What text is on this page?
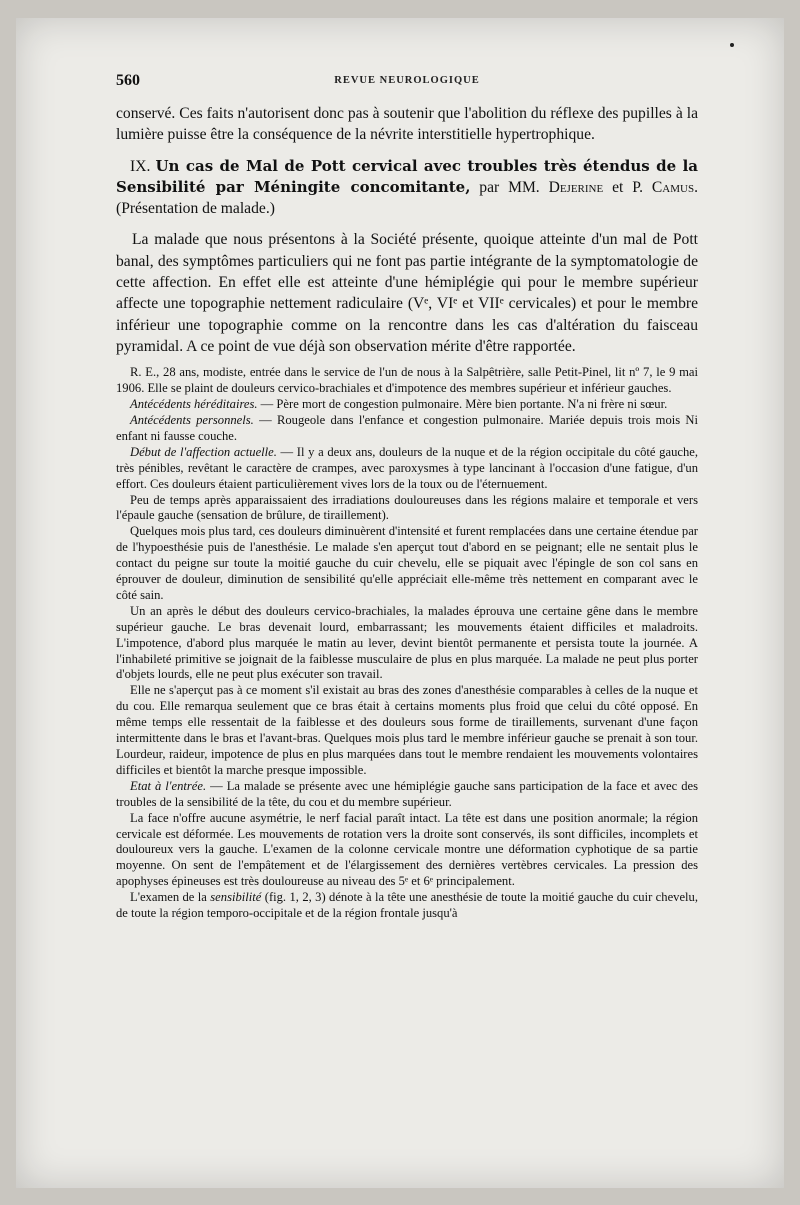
560	REVUE NEUROLOGIQUE

conservé. Ces faits n'autorisent donc pas à soutenir que l'abolition du réflexe des pupilles à la lumière puisse être la conséquence de la névrite interstitielle hypertrophique.

IX. Un cas de Mal de Pott cervical avec troubles très étendus de la Sensibilité par Méningite concomitante, par MM. Dejerine et P. Camus. (Présentation de malade.)

La malade que nous présentons à la Société présente, quoique atteinte d'un mal de Pott banal, des symptômes particuliers qui ne font pas partie intégrante de la symptomatologie de cette affection. En effet elle est atteinte d'une hémiplégie qui pour le membre supérieur affecte une topographie nettement radiculaire (Vᵉ, VIᵉ et VIIᵉ cervicales) et pour le membre inférieur une topographie comme on la rencontre dans les cas d'altération du faisceau pyramidal. A ce point de vue déjà son observation mérite d'être rapportée.

R. E., 28 ans, modiste, entrée dans le service de l'un de nous à la Salpêtrière, salle Petit-Pinel, lit nº 7, le 9 mai 1906. Elle se plaint de douleurs cervico-brachiales et d'impotence des membres supérieur et inférieur gauches.

Antécédents héréditaires. — Père mort de congestion pulmonaire. Mère bien portante. N'a ni frère ni sœur.

Antécédents personnels. — Rougeole dans l'enfance et congestion pulmonaire. Mariée depuis trois mois Ni enfant ni fausse couche.

Début de l'affection actuelle. — Il y a deux ans, douleurs de la nuque et de la région occipitale du côté gauche, très pénibles, revêtant le caractère de crampes, avec paroxysmes à type lancinant à l'occasion d'une fatigue, d'un effort. Ces douleurs étaient particulièrement vives lors de la toux ou de l'éternuement.

Peu de temps après apparaissaient des irradiations douloureuses dans les régions malaire et temporale et vers l'épaule gauche (sensation de brûlure, de tiraillement).

Quelques mois plus tard, ces douleurs diminuèrent d'intensité et furent remplacées dans une certaine étendue par de l'hypoesthésie puis de l'anesthésie. Le malade s'en aperçut tout d'abord en se peignant; elle ne sentait plus le contact du peigne sur toute la moitié gauche du cuir chevelu, elle se piquait avec l'épingle de son col sans en éprouver de douleur, diminution de sensibilité qu'elle appréciait elle-même très nettement en comparant avec le côté sain.

Un an après le début des douleurs cervico-brachiales, la malades éprouva une certaine gêne dans le membre supérieur gauche. Le bras devenait lourd, embarrassant; les mouvements étaient difficiles et maladroits. L'impotence, d'abord plus marquée le matin au lever, devint bientôt permanente et persista toute la journée. A l'inhabileté primitive se joignait de la faiblesse musculaire de plus en plus marquée. La malade ne peut plus porter d'objets lourds, elle ne peut plus exécuter son travail.

Elle ne s'aperçut pas à ce moment s'il existait au bras des zones d'anesthésie comparables à celles de la nuque et du cou. Elle remarqua seulement que ce bras était à certains moments plus froid que celui du côté opposé. En même temps elle ressentait de la faiblesse et des douleurs sous forme de tiraillements, survenant d'une façon intermittente dans le bras et l'avant-bras. Quelques mois plus tard le membre inférieur gauche se prenait à son tour. Lourdeur, raideur, impotence de plus en plus marquées dans tout le membre rendaient les mouvements volontaires difficiles et bientôt la marche presque impossible.

Etat à l'entrée. — La malade se présente avec une hémiplégie gauche sans participation de la face et avec des troubles de la sensibilité de la tête, du cou et du membre supérieur.

La face n'offre aucune asymétrie, le nerf facial paraît intact. La tête est dans une position anormale; la région cervicale est déformée. Les mouvements de rotation vers la droite sont conservés, ils sont difficiles, incomplets et douloureux vers la gauche. L'examen de la colonne cervicale montre une déformation cyphotique de sa partie moyenne. On sent de l'empâtement et de l'élargissement des dernières vertèbres cervicales. La pression des apophyses épineuses est très douloureuse au niveau des 5ᵉ et 6ᵉ principalement.

L'examen de la sensibilité (fig. 1, 2, 3) dénote à la tête une anesthésie de toute la moitié gauche du cuir chevelu, de toute la région temporo-occipitale et de la région frontale jusqu'à
